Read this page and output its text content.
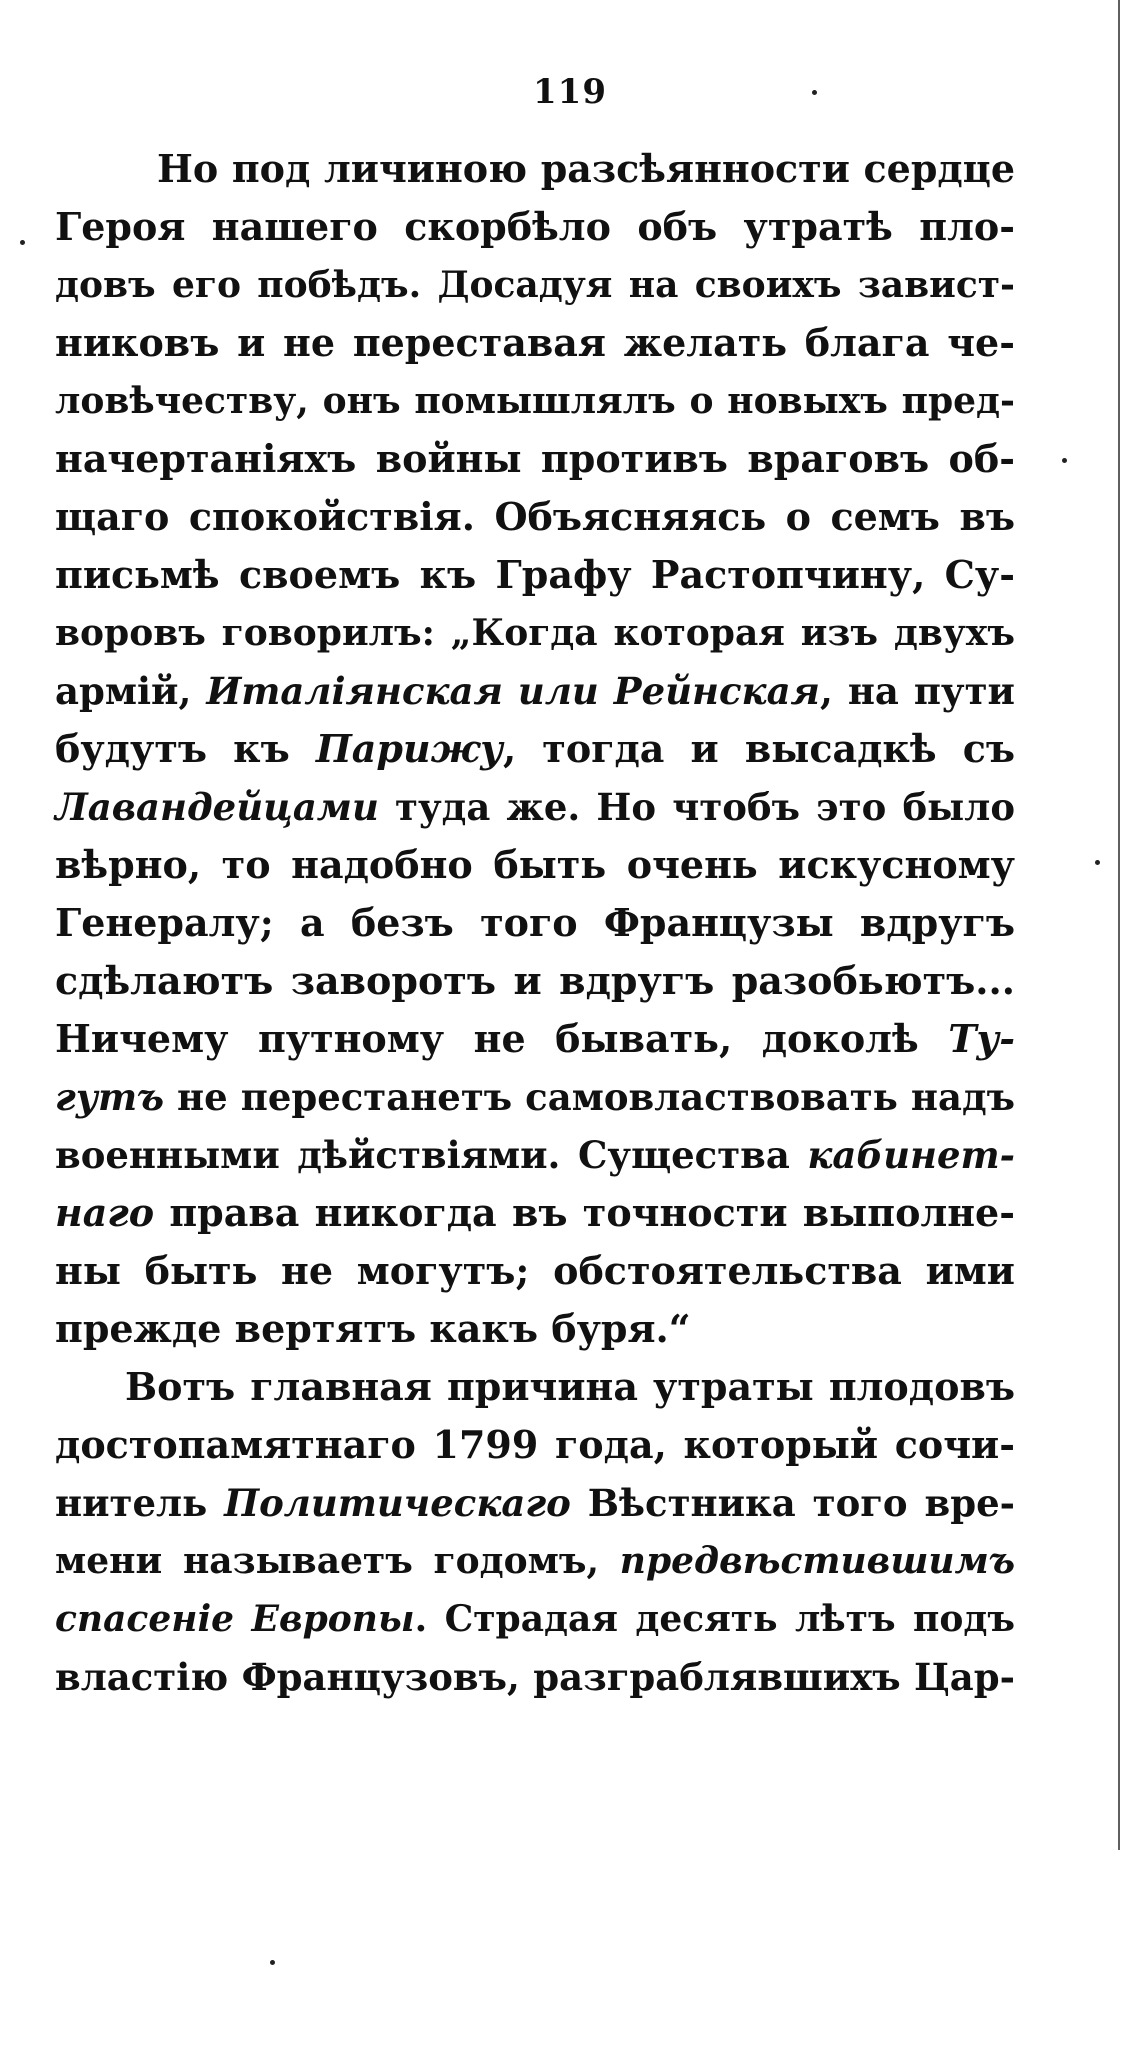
119
Но под личиною разсѣянности сердце
Героя нашего скорбѣло объ утратѣ пло-
довъ его побѣдъ. Досадуя на своихъ завист-
никовъ и не переставая желать блага че-
ловѣчеству, онъ помышлялъ о новыхъ пред-
начертаніяхъ войны противъ враговъ об-
щаго спокойствія. Объясняясь о семъ въ
письмѣ своемъ къ Графу Растопчину, Су-
воровъ говорилъ: „Когда которая изъ двухъ
армій, Италіянская или Рейнская, на пути
будутъ къ Парижу, тогда и высадкѣ съ
Лавандейцами туда же. Но чтобъ это было
вѣрно, то надобно быть очень искусному
Генералу; а безъ того Французы вдругъ
сдѣлаютъ заворотъ и вдругъ разобьютъ...
Ничему путному не бывать, доколѣ Ту-
гутъ не перестанетъ самовластвовать надъ
военными дѣйствіями. Существа кабинет-
наго права никогда въ точности выполне-
ны быть не могутъ; обстоятельства ими
прежде вертятъ какъ буря.“
Вотъ главная причина утраты плодовъ
достопамятнаго 1799 года, который сочи-
нитель Политическаго Вѣстника того вре-
мени называетъ годомъ, предвѣстившимъ
спасеніе Европы. Страдая десять лѣтъ подъ
властію Французовъ, разграблявшихъ Цар-
